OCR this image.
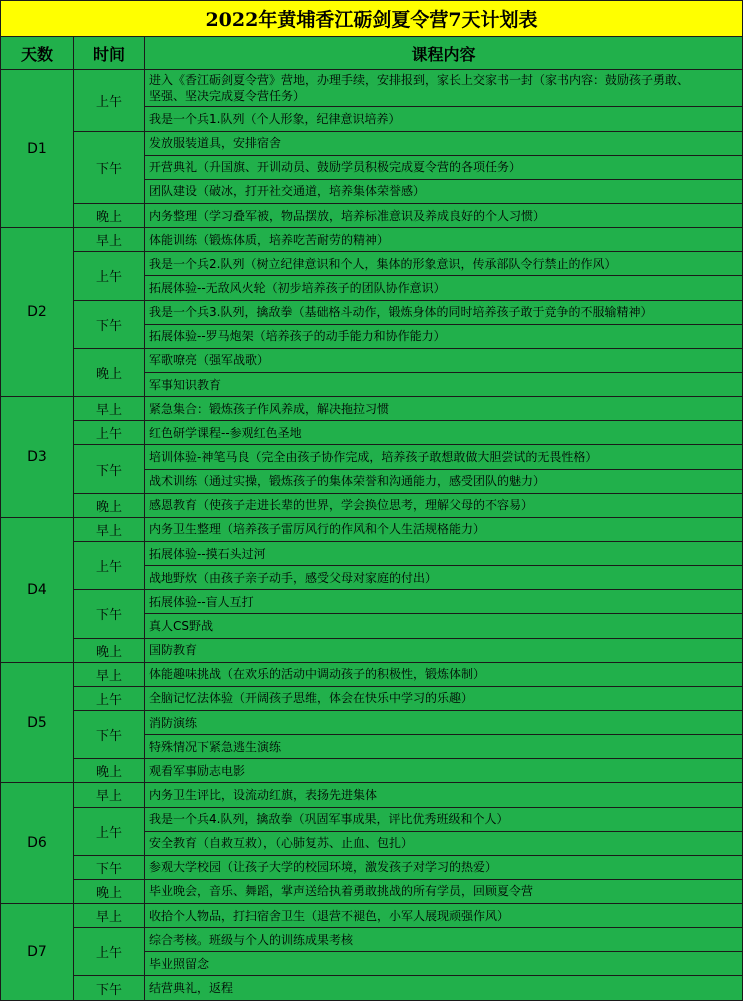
2022年黄埔香江砺剑夏令营7天计划表		
天数	时间	课程内容
D1	上午	进入《香江砺剑夏令营》营地，办理手续，安排报到，家长上交家书一封（家书内容：鼓励孩子勇敢、
坚强、坚决完成夏令营任务）

		我是一个兵1.队列（个人形象，纪律意识培养）

	下午	发放服装道具，安排宿舍

		开营典礼（升国旗、开训动员、鼓励学员积极完成夏令营的各项任务）

		团队建设（破冰，打开社交通道，培养集体荣誉感）

	晚上	内务整理（学习叠军被，物品摆放，培养标准意识及养成良好的个人习惯）

D2	早上	体能训练（锻炼体质，培养吃苦耐劳的精神）

	上午	我是一个兵2.队列（树立纪律意识和个人，集体的形象意识，传承部队令行禁止的作风）

		拓展体验--无敌风火轮（初步培养孩子的团队协作意识）

	下午	我是一个兵3.队列，擒敌拳（基础格斗动作，锻炼身体的同时培养孩子敢于竞争的不服输精神）

		拓展体验--罗马炮架（培养孩子的动手能力和协作能力）

	晚上	军歌嘹亮（强军战歌）

		军事知识教育

D3	早上	紧急集合：锻炼孩子作风养成，解决拖拉习惯

	上午	红色研学课程--参观红色圣地

	下午	培训体验-神笔马良（完全由孩子协作完成，培养孩子敢想敢做大胆尝试的无畏性格）

		战术训练（通过实操，锻炼孩子的集体荣誉和沟通能力，感受团队的魅力）

	晚上	感恩教育（使孩子走进长辈的世界，学会换位思考，理解父母的不容易）

D4	早上	内务卫生整理（培养孩子雷厉风行的作风和个人生活规格能力）

	上午	拓展体验--摸石头过河

		战地野炊（由孩子亲子动手，感受父母对家庭的付出）

	下午	拓展体验--盲人互打

		真人CS野战

	晚上	国防教育

D5	早上	体能趣味挑战（在欢乐的活动中调动孩子的积极性，锻炼体制）

	上午	全脑记忆法体验（开阔孩子思维，体会在快乐中学习的乐趣）

	下午	消防演练

		特殊情况下紧急逃生演练

	晚上	观看军事励志电影

D6	早上	内务卫生评比，设流动红旗，表扬先进集体

	上午	我是一个兵4.队列，擒敌拳（巩固军事成果，评比优秀班级和个人）

		安全教育（自救互救），（心肺复苏、止血、包扎）

	下午	参观大学校园（让孩子大学的校园环境，激发孩子对学习的热爱）

	晚上	毕业晚会，音乐、舞蹈，掌声送给执着勇敢挑战的所有学员，回顾夏令营

D7	早上	收拾个人物品，打扫宿舍卫生（退营不褪色，小军人展现顽强作风）

	上午	综合考核。班级与个人的训练成果考核

		毕业照留念

	下午	结营典礼，返程
